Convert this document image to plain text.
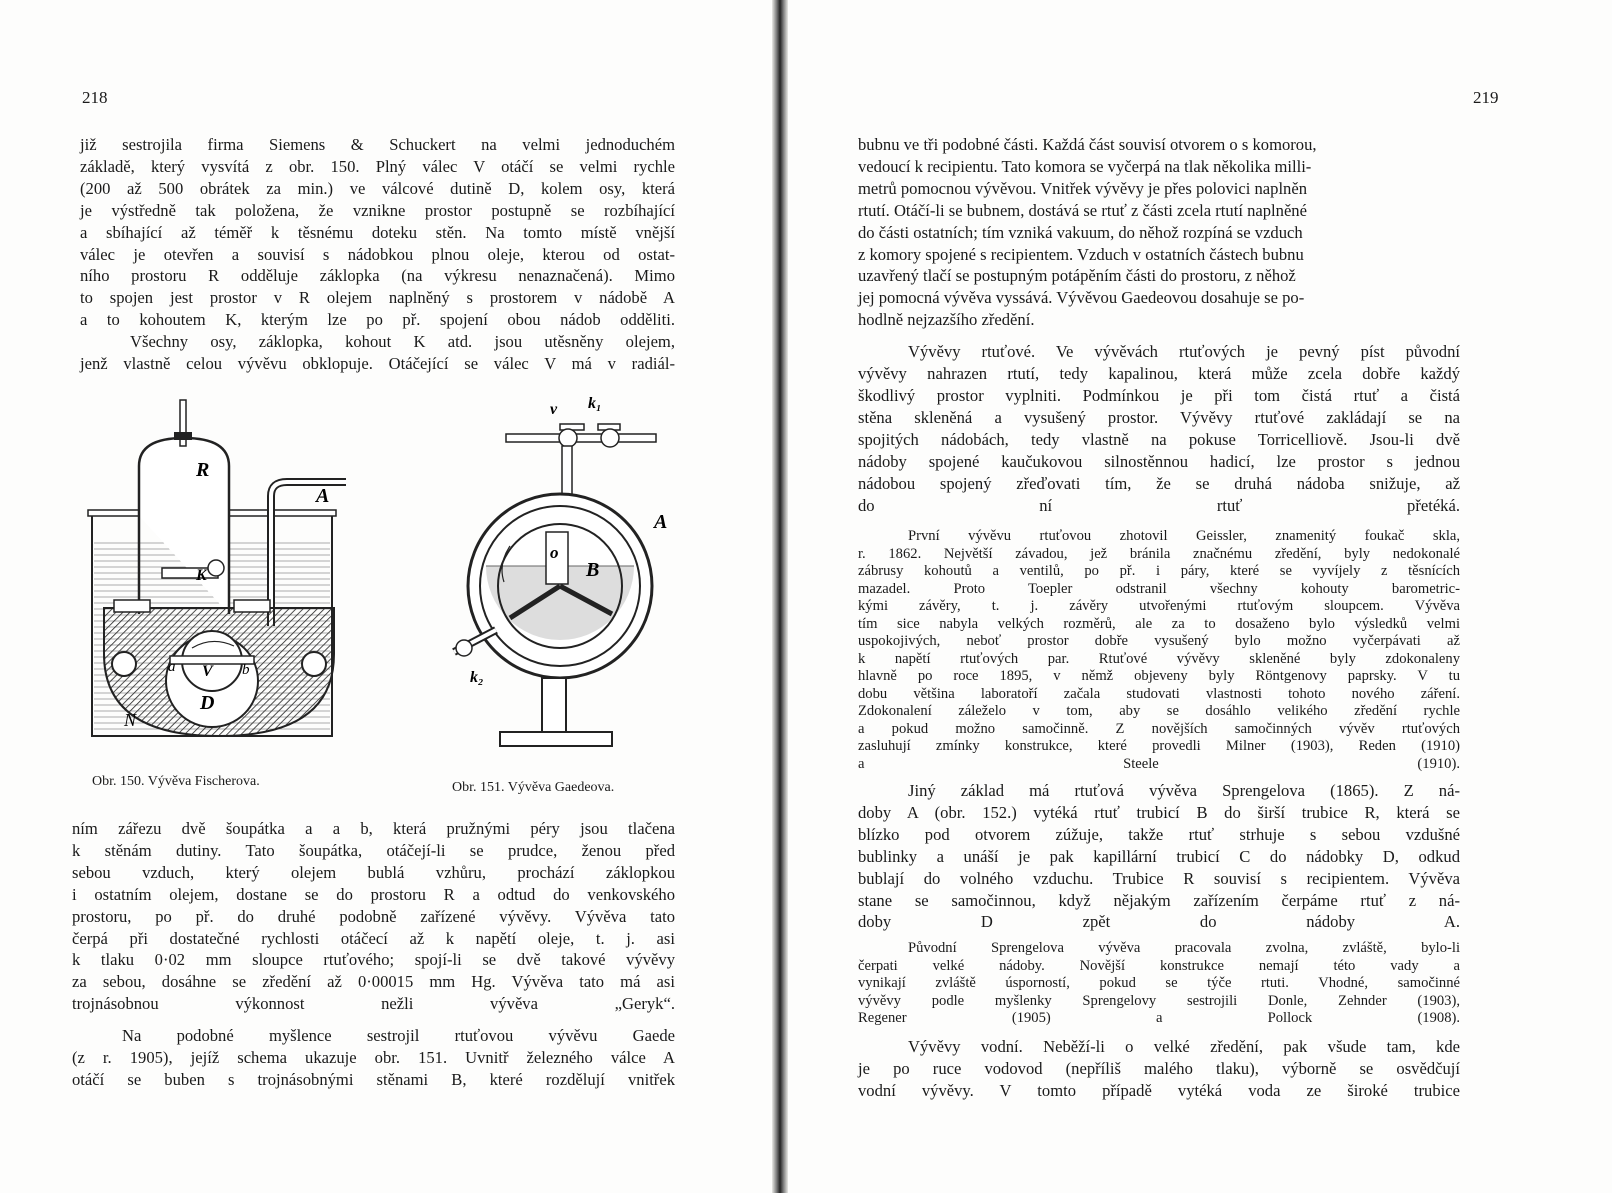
218

již sestrojila firma Siemens & Schuckert na velmi jednoduchém
základě, který vysvítá z obr. 150. Plný válec V otáčí se velmi rychle
(200 až 500 obrátek za min.) ve válcové dutině D, kolem osy, která
je výstředně tak položena, že vznikne prostor postupně se rozbíhající
a sbíhající až téměř k těsnému doteku stěn. Na tomto místě vnější
válec je otevřen a souvisí s nádobkou plnou oleje, kterou od ostat-
ního prostoru R odděluje záklopka (na výkresu nenaznačená). Mimo
to spojen jest prostor v R olejem naplněný s prostorem v nádobě A
a to kohoutem K, kterým lze po př. spojení obou nádob odděliti.

Všechny osy, záklopka, kohout K atd. jsou utěsněny olejem,
jenž vlastně celou vývěvu obklopuje. Otáčející se válec V má v radiál-

R
A
K
V
a	b
D
N
Obr. 150. Vývěva Fischerova.
v k₁
A
o
B
k₂
Obr. 151. Vývěva Gaedeova.

ním zářezu dvě šoupátka a a b, která pružnými péry jsou tlačena
k stěnám dutiny. Tato šoupátka, otáčejí-li se prudce, ženou před
sebou vzduch, který olejem bublá vzhůru, prochází záklopkou
i ostatním olejem, dostane se do prostoru R a odtud do venkovského
prostoru, po př. do druhé podobně zařízené vývěvy. Vývěva tato
čerpá při dostatečné rychlosti otáčecí až k napětí oleje, t. j. asi
k tlaku 0·02 mm sloupce rtuťového; spojí-li se dvě takové vývěvy
za sebou, dosáhne se zředění až 0·00015 mm Hg. Vývěva tato má asi
trojnásobnou výkonnost nežli vývěva „Geryk“.

Na podobné myšlence sestrojil rtuťovou vývěvu Gaede
(z r. 1905), jejíž schema ukazuje obr. 151. Uvnitř železného válce A
otáčí se buben s trojnásobnými stěnami B, které rozdělují vnitřek

219

bubnu ve tři podobné části. Každá část souvisí otvorem o s komorou,
vedoucí k recipientu. Tato komora se vyčerpá na tlak několika milli-
metrů pomocnou vývěvou. Vnitřek vývěvy je přes polovici naplněn
rtutí. Otáčí-li se bubnem, dostává se rtuť z části zcela rtutí naplněné
do části ostatních; tím vzniká vakuum, do něhož rozpíná se vzduch
z komory spojené s recipientem. Vzduch v ostatních částech bubnu
uzavřený tlačí se postupným potápěním části do prostoru, z něhož
jej pomocná vývěva vyssává. Vývěvou Gaedeovou dosahuje se po-
hodlně nejzazšího zředění.

Vývěvy rtuťové. Ve vývěvách rtuťových je pevný píst původní
vývěvy nahrazen rtutí, tedy kapalinou, která může zcela dobře každý
škodlivý prostor vyplniti. Podmínkou je při tom čistá rtuť a čistá
stěna skleněná a vysušený prostor. Vývěvy rtuťové zakládají se na
spojitých nádobách, tedy vlastně na pokuse Torricelliově. Jsou-li dvě
nádoby spojené kaučukovou silnostěnnou hadicí, lze prostor s jednou
nádobou spojený zřeďovati tím, že se druhá nádoba snižuje, až
do ní rtuť přetéká.

První vývěvu rtuťovou zhotovil Geissler, znamenitý foukač skla,
r. 1862. Největší závadou, jež bránila značnému zředění, byly nedokonalé
zábrusy kohoutů a ventilů, po př. i páry, které se vyvíjely z těsnících
mazadel. Proto Toepler odstranil všechny kohouty barometric-
kými závěry, t. j. závěry utvořenými rtuťovým sloupcem. Vývěva
tím sice nabyla velkých rozměrů, ale za to dosaženo bylo výsledků velmi
uspokojivých, neboť prostor dobře vysušený bylo možno vyčerpávati až
k napětí rtuťových par. Rtuťové vývěvy skleněné byly zdokonaleny
hlavně po roce 1895, v němž objeveny byly Röntgenovy paprsky. V tu
dobu většina laboratoří začala studovati vlastnosti tohoto nového záření.
Zdokonalení záleželo v tom, aby se dosáhlo velikého zředění rychle
a pokud možno samočinně. Z novějších samočinných vývěv rtuťových
zasluhují zmínky konstrukce, které provedli Milner (1903), Reden (1910)
a Steele (1910).

Jiný základ má rtuťová vývěva Sprengelova (1865). Z ná-
doby A (obr. 152.) vytéká rtuť trubicí B do širší trubice R, která se
blízko pod otvorem zúžuje, takže rtuť strhuje s sebou vzdušné
bublinky a unáší je pak kapillární trubicí C do nádobky D, odkud
bublají do volného vzduchu. Trubice R souvisí s recipientem. Vývěva
stane se samočinnou, když nějakým zařízením čerpáme rtuť z ná-
doby D zpět do nádoby A.

Původní Sprengelova vývěva pracovala zvolna, zvláště, bylo-li
čerpati velké nádoby. Novější konstrukce nemají této vady a
vynikají zvláště úsporností, pokud se týče rtuti. Vhodné, samočinné
vývěvy podle myšlenky Sprengelovy sestrojili Donle, Zehnder (1903),
Regener (1905) a Pollock (1908).

Vývěvy vodní. Neběží-li o velké zředění, pak všude tam, kde
je po ruce vodovod (nepříliš malého tlaku), výborně se osvědčují
vodní vývěvy. V tomto případě vytéká voda ze široké trubice
